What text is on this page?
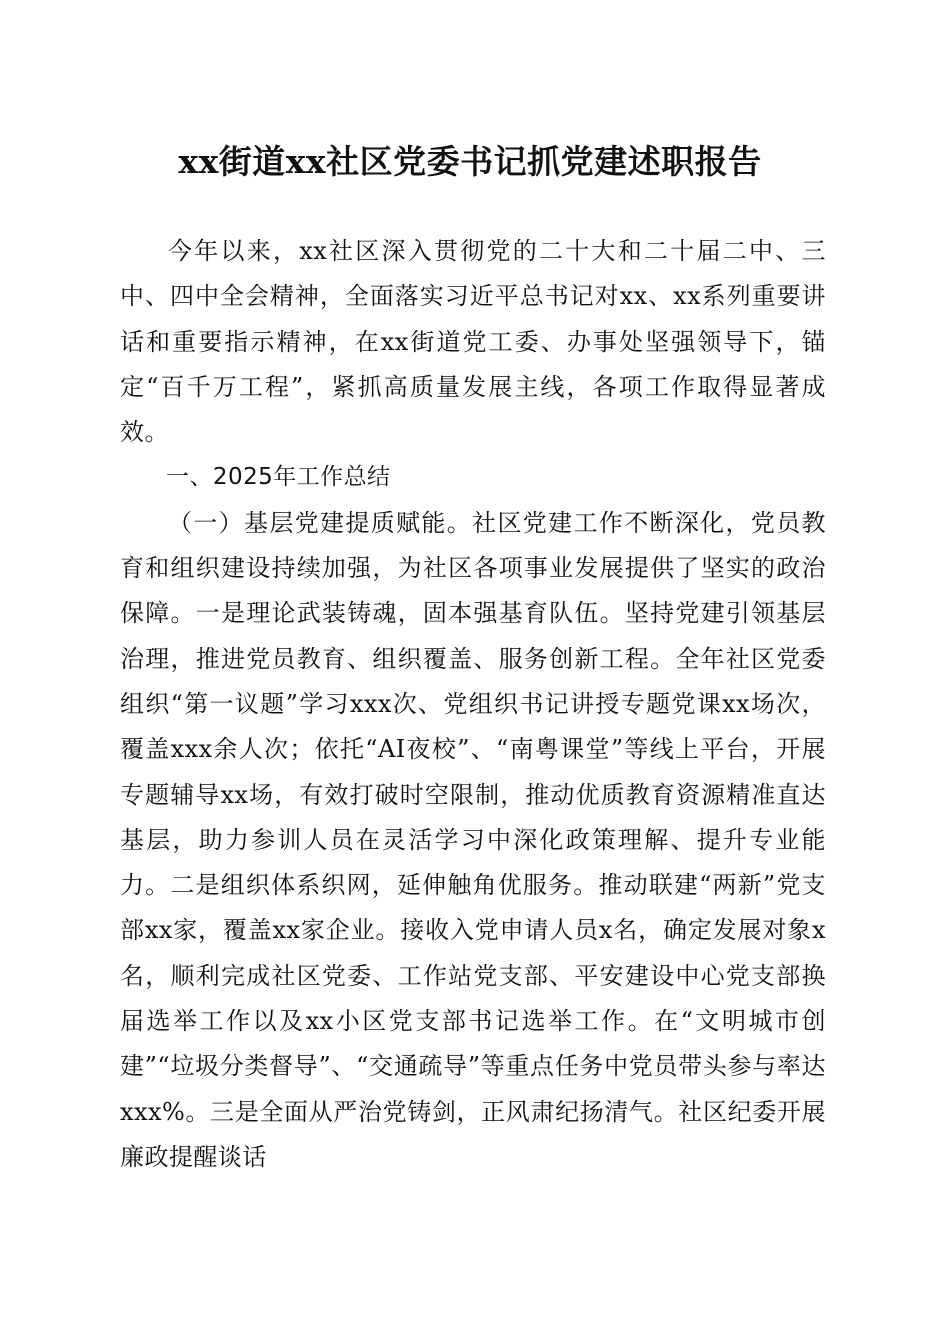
xx街道xx社区党委书记抓党建述职报告

今年以来，xx社区深入贯彻党的二十大和二十届二中、三中、四中全会精神，全面落实习近平总书记对xx、xx系列重要讲话和重要指示精神，在xx街道党工委、办事处坚强领导下，锚定“百千万工程”，紧抓高质量发展主线，各项工作取得显著成效。

一、2025年工作总结

（一）基层党建提质赋能。社区党建工作不断深化，党员教育和组织建设持续加强，为社区各项事业发展提供了坚实的政治保障。一是理论武装铸魂，固本强基育队伍。坚持党建引领基层治理，推进党员教育、组织覆盖、服务创新工程。全年社区党委组织“第一议题”学习xxx次、党组织书记讲授专题党课xx场次，覆盖xxx余人次；依托“AI夜校”、“南粤课堂”等线上平台，开展专题辅导xx场，有效打破时空限制，推动优质教育资源精准直达基层，助力参训人员在灵活学习中深化政策理解、提升专业能力。二是组织体系织网，延伸触角优服务。推动联建“两新”党支部xx家，覆盖xx家企业。接收入党申请人员x名，确定发展对象x名，顺利完成社区党委、工作站党支部、平安建设中心党支部换届选举工作以及xx小区党支部书记选举工作。在“文明城市创建”“垃圾分类督导”、“交通疏导”等重点任务中党员带头参与率达xxx%。三是全面从严治党铸剑，正风肃纪扬清气。社区纪委开展廉政提醒谈话
